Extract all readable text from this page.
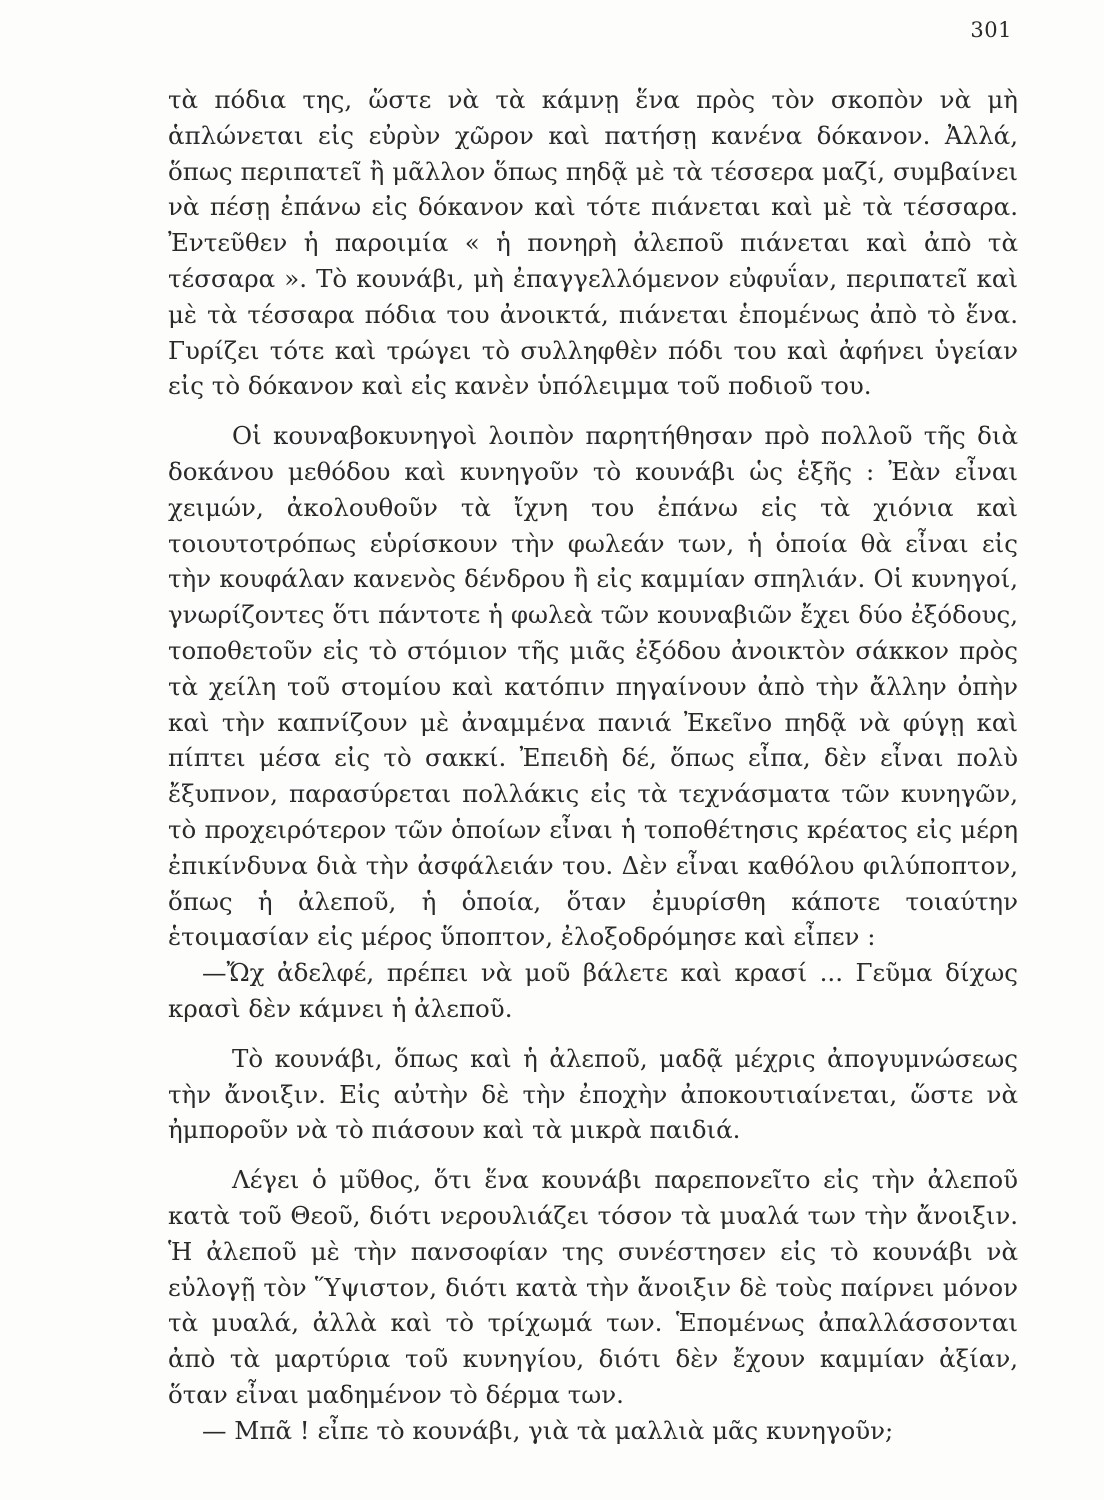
301

τὰ πόδια της, ὥστε νὰ τὰ κάμνῃ ἕνα πρὸς τὸν σκοπὸν νὰ μὴ ἁπλώνεται εἰς εὐρὺν χῶρον καὶ πατήσῃ κανένα δόκανον. Ἀλλά, ὅπως περιπατεῖ ἢ μᾶλλον ὅπως πηδᾷ μὲ τὰ τέσσερα μαζί, συμβαίνει νὰ πέσῃ ἐπάνω εἰς δόκανον καὶ τότε πιάνεται καὶ μὲ τὰ τέσσαρα. Ἐντεῦθεν ἡ παροιμία « ἡ πονηρὴ ἀλεποῦ πιάνεται καὶ ἀπὸ τὰ τέσσαρα ». Τὸ κουνάβι, μὴ ἐπαγγελλόμενον εὐφυΐαν, περιπατεῖ καὶ μὲ τὰ τέσσαρα πόδια του ἀνοικτά, πιάνεται ἑπομένως ἀπὸ τὸ ἕνα. Γυρίζει τότε καὶ τρώγει τὸ συλληφθὲν πόδι του καὶ ἀφήνει ὑγείαν εἰς τὸ δόκανον καὶ εἰς κανὲν ὑπόλειμμα τοῦ ποδιοῦ του.

Οἱ κουναβοκυνηγοὶ λοιπὸν παρητήθησαν πρὸ πολλοῦ τῆς διὰ δοκάνου μεθόδου καὶ κυνηγοῦν τὸ κουνάβι ὡς ἑξῆς : Ἐὰν εἶναι χειμών, ἀκολουθοῦν τὰ ἴχνη του ἐπάνω εἰς τὰ χιόνια καὶ τοιουτοτρόπως εὑρίσκουν τὴν φωλεάν των, ἡ ὁποία θὰ εἶναι εἰς τὴν κουφάλαν κανενὸς δένδρου ἢ εἰς καμμίαν σπηλιάν. Οἱ κυνηγοί, γνωρίζοντες ὅτι πάντοτε ἡ φωλεὰ τῶν κουναβιῶν ἔχει δύο ἐξόδους, τοποθετοῦν εἰς τὸ στόμιον τῆς μιᾶς ἐξόδου ἀνοικτὸν σάκκον πρὸς τὰ χείλη τοῦ στομίου καὶ κατόπιν πηγαίνουν ἀπὸ τὴν ἄλλην ὀπὴν καὶ τὴν καπνίζουν μὲ ἀναμμένα πανιά Ἐκεῖνο πηδᾷ νὰ φύγῃ καὶ πίπτει μέσα εἰς τὸ σακκί. Ἐπειδὴ δέ, ὅπως εἶπα, δὲν εἶναι πολὺ ἔξυπνον, παρασύρεται πολλάκις εἰς τὰ τεχνάσματα τῶν κυνηγῶν, τὸ προχειρότερον τῶν ὁποίων εἶναι ἡ τοποθέτησις κρέατος εἰς μέρη ἐπικίνδυνα διὰ τὴν ἀσφάλειάν του. Δὲν εἶναι καθόλου φιλύποπτον, ὅπως ἡ ἀλεποῦ, ἡ ὁποία, ὅταν ἐμυρίσθη κάποτε τοιαύτην ἑτοιμασίαν εἰς μέρος ὕποπτον, ἐλοξοδρόμησε καὶ εἶπεν :

—Ὤχ ἀδελφέ, πρέπει νὰ μοῦ βάλετε καὶ κρασί ... Γεῦμα δίχως κρασὶ δὲν κάμνει ἡ ἀλεποῦ.

Τὸ κουνάβι, ὅπως καὶ ἡ ἀλεποῦ, μαδᾷ μέχρις ἀπογυμνώσεως τὴν ἄνοιξιν. Εἰς αὐτὴν δὲ τὴν ἐποχὴν ἀποκουτιαίνεται, ὥστε νὰ ἠμποροῦν νὰ τὸ πιάσουν καὶ τὰ μικρὰ παιδιά.

Λέγει ὁ μῦθος, ὅτι ἕνα κουνάβι παρεπονεῖτο εἰς τὴν ἀλεποῦ κατὰ τοῦ Θεοῦ, διότι νερουλιάζει τόσον τὰ μυαλά των τὴν ἄνοιξιν. Ἡ ἀλεποῦ μὲ τὴν πανσοφίαν της συνέστησεν εἰς τὸ κουνάβι νὰ εὐλογῇ τὸν Ὕψιστον, διότι κατὰ τὴν ἄνοιξιν δὲ τοὺς παίρνει μόνον τὰ μυαλά, ἀλλὰ καὶ τὸ τρίχωμά των. Ἑπομένως ἀπαλλάσσονται ἀπὸ τὰ μαρτύρια τοῦ κυνηγίου, διότι δὲν ἔχουν καμμίαν ἀξίαν, ὅταν εἶναι μαδημένον τὸ δέρμα των.

— Μπᾶ ! εἶπε τὸ κουνάβι, γιὰ τὰ μαλλιὰ μᾶς κυνηγοῦν;
